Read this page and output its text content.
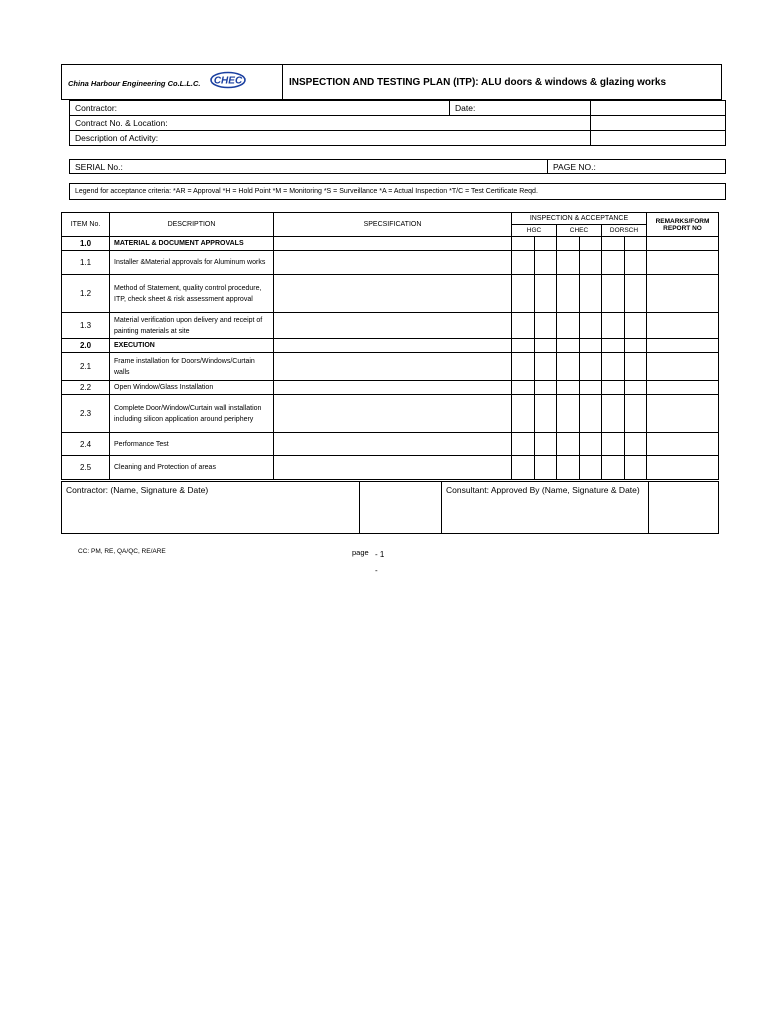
China Harbour Engineering Co.L.L.C. CHEC	INSPECTION AND TESTING PLAN (ITP): ALU doors & windows & glazing works
Contractor:	Date:	
Contract No. & Location:		
Description of Activity:		
SERIAL No.:	PAGE NO.:
Legend for acceptance criteria: *AR = Approval *H = Hold Point *M = Monitoring *S = Surveillance *A = Actual Inspection *T/C = Test Certificate Reqd.
ITEM No.	DESCRIPTION	SPECSIFICATION	INSPECTION & ACCEPTANCE						REMARKS/FORM REPORT NO
			HGC		CHEC		DORSCH		
1.0	MATERIAL & DOCUMENT APPROVALS								
1.1	Installer &Material approvals for Aluminum works								
1.2	Method of Statement, quality control procedure, ITP, check sheet & risk assessment approval								
1.3	Material verification upon delivery and receipt of painting materials at site								
2.0	EXECUTION								
2.1	Frame installation for Doors/Windows/Curtain walls								
2.2	Open Window/Glass Installation								
2.3	Complete Door/Window/Curtain wall installation including silicon application around periphery								
2.4	Performance Test								
2.5	Cleaning and Protection of areas								
Contractor: (Name, Signature & Date)		Consultant: Approved By (Name, Signature & Date)	
CC: PM, RE, QA/QC, RE/ARE	page - 1
-
